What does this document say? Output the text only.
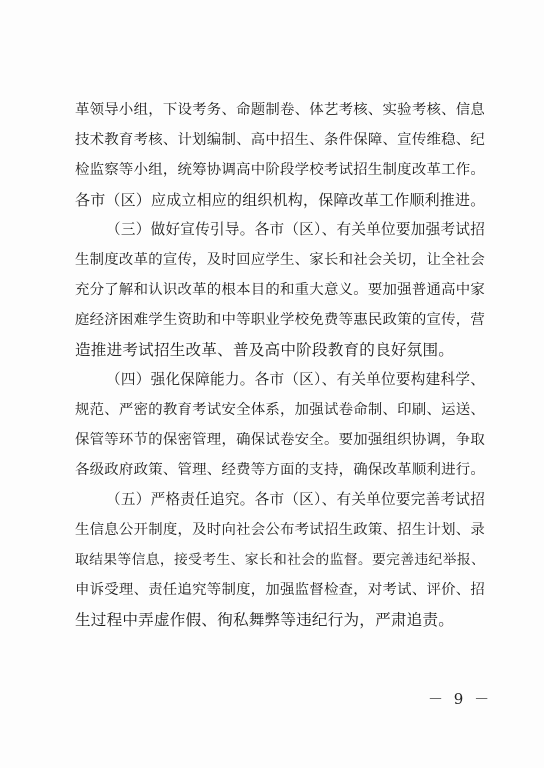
革领导小组，下设考务、命题制卷、体艺考核、实验考核、信息
技术教育考核、计划编制、高中招生、条件保障、宣传维稳、纪
检监察等小组，统筹协调高中阶段学校考试招生制度改革工作。
各市（区）应成立相应的组织机构，保障改革工作顺利推进。
（三）做好宣传引导。各市（区）、有关单位要加强考试招
生制度改革的宣传，及时回应学生、家长和社会关切，让全社会
充分了解和认识改革的根本目的和重大意义。要加强普通高中家
庭经济困难学生资助和中等职业学校免费等惠民政策的宣传，营
造推进考试招生改革、普及高中阶段教育的良好氛围。
（四）强化保障能力。各市（区）、有关单位要构建科学、
规范、严密的教育考试安全体系，加强试卷命制、印刷、运送、
保管等环节的保密管理，确保试卷安全。要加强组织协调，争取
各级政府政策、管理、经费等方面的支持，确保改革顺利进行。
（五）严格责任追究。各市（区）、有关单位要完善考试招
生信息公开制度，及时向社会公布考试招生政策、招生计划、录
取结果等信息，接受考生、家长和社会的监督。要完善违纪举报、
申诉受理、责任追究等制度，加强监督检查，对考试、评价、招
生过程中弄虚作假、徇私舞弊等违纪行为，严肃追责。
－ 9 －
